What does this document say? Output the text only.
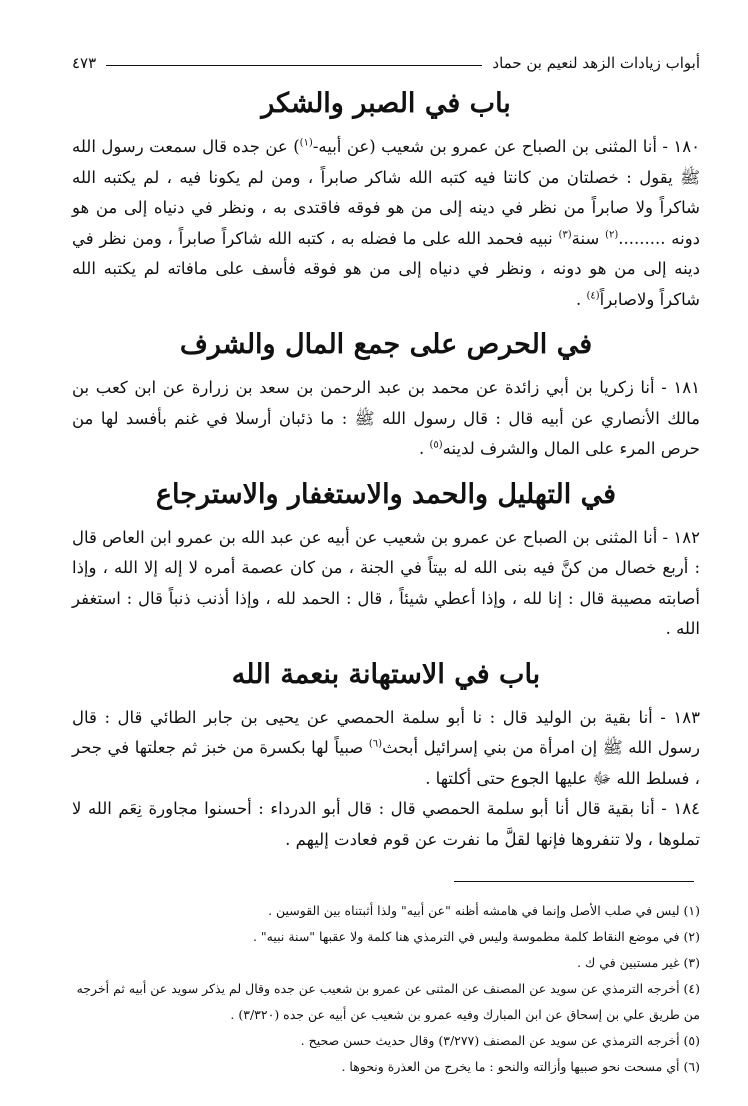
أبواب زيادات الزهد لنعيم بن حماد
٤٧٣
باب في الصبر والشكر

١٨٠ - أنا المثنى بن الصباح عن عمرو بن شعيب (عن أبيه-$^{(١)}$) عن جده قال سمعت رسول الله ﷺ يقول : خصلتان من كانتا فيه كتبه الله شاكر صابراً ، ومن لم يكونا فيه ، لم يكتبه الله شاكراً ولا صابراً من نظر في دينه إلى من هو فوقه فاقتدى به ، ونظر في دنياه إلى من هو دونه .........$^{(٢)}$ سنة$^{(٣)}$ نبيه فحمد الله على ما فضله به ، كتبه الله شاكراً صابراً ، ومن نظر في دينه إلى من هو دونه ، ونظر في دنياه إلى من هو فوقه فأسف على مافاته لم يكتبه الله شاكراً ولاصابراً$^{(٤)}$ .

في الحرص على جمع المال والشرف

١٨١ - أنا زكريا بن أبي زائدة عن محمد بن عبد الرحمن بن سعد بن زرارة عن ابن كعب بن مالك الأنصاري عن أبيه قال : قال رسول الله ﷺ : ما ذئبان أرسلا في غنم بأفسد لها من حرص المرء على المال والشرف لدينه$^{(٥)}$ .

في التهليل والحمد والاستغفار والاسترجاع

١٨٢ - أنا المثنى بن الصباح عن عمرو بن شعيب عن أبيه عن عبد الله بن عمرو ابن العاص قال : أربع خصال من كنَّ فيه بنى الله له بيتاً في الجنة ، من كان عصمة أمره لا إله إلا الله ، وإذا أصابته مصيبة قال : إنا لله ، وإذا أعطي شيئاً ، قال : الحمد لله ، وإذا أذنب ذنباً قال : استغفر الله .

باب في الاستهانة بنعمة الله

١٨٣ - أنا بقية بن الوليد قال : نا أبو سلمة الحمصي عن يحيى بن جابر الطائي قال : قال رسول الله ﷺ إن امرأة من بني إسرائيل أبحث$^{(٦)}$ صبياً لها بكسرة من خبز ثم جعلتها في جحر ، فسلط الله ﷻ عليها الجوع حتى أكلتها .

١٨٤ - أنا بقية قال أنا أبو سلمة الحمصي قال : قال أبو الدرداء : أحسنوا مجاورة نِعَم الله لا تملوها ، ولا تنفروها فإنها لقلَّ ما نفرت عن قوم فعادت إليهم .

(١) ليس في صلب الأصل وإنما في هامشه أظنه "عن أبيه" ولذا أثبتناه بين القوسين .
(٢) في موضع النقاط كلمة مطموسة وليس في الترمذي هنا كلمة ولا عقبها "سنة نبيه" .
(٣) غير مستبين في ك .
(٤) أخرجه الترمذي عن سويد عن المصنف عن المثنى عن عمرو بن شعيب عن جده وقال لم يذكر سويد عن أبيه ثم أخرجه من طريق علي بن إسحاق عن ابن المبارك وفيه عمرو بن شعيب عن أبيه عن جده (٣/٣٢٠) .
(٥) أخرجه الترمذي عن سويد عن المصنف (٣/٢٧٧) وقال حديث حسن صحيح .
(٦) أي مسحت نحو صبيها وأزالته والنحو : ما يخرج من العذرة ونحوها .
